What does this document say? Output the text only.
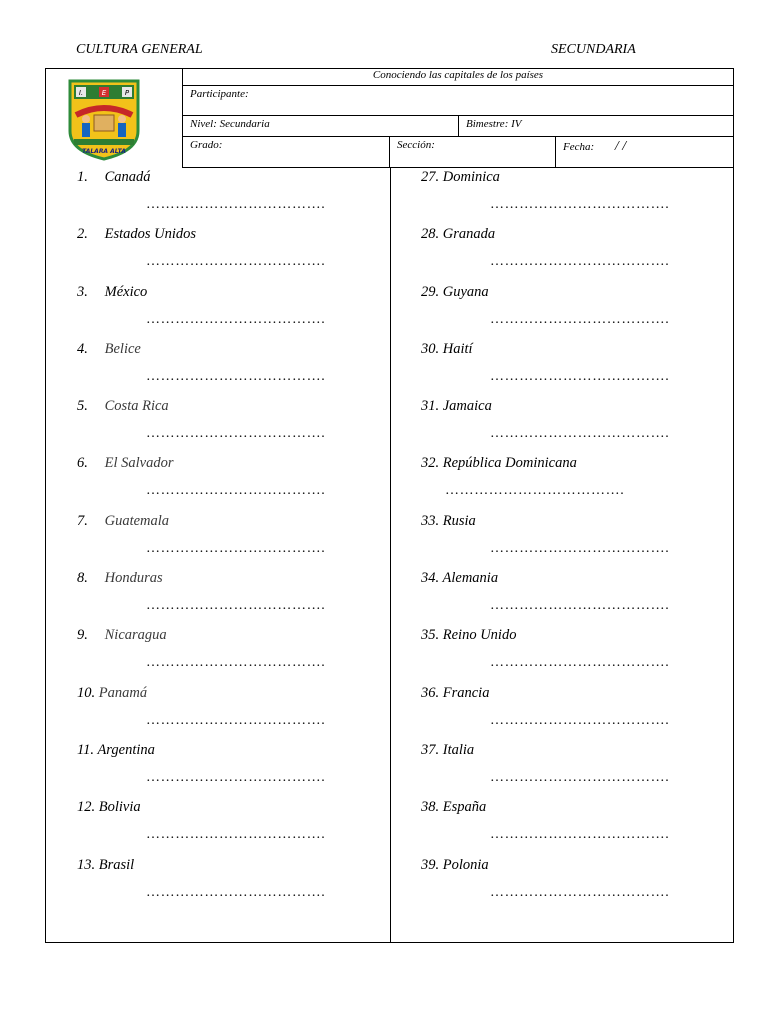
CULTURA GENERAL	SECUNDARIA
I.	E	P
TALARA ALTA
Conociendo las capitales de los países
Participante:
Nivel: Secundaria	Bimestre: IV
Grado:	Sección:	Fecha: / /
1. Canadá
……………………………….
2. Estados Unidos
……………………………….
3. México
……………………………….
4. Belice
……………………………….
5. Costa Rica
……………………………….
6. El Salvador
……………………………….
7. Guatemala
……………………………….
8. Honduras
……………………………….
9. Nicaragua
……………………………….
10. Panamá
……………………………….
11. Argentina
……………………………….
12. Bolivia
……………………………….
13. Brasil
……………………………….
27. Dominica
……………………………….
28. Granada
……………………………….
29. Guyana
……………………………….
30. Haití
……………………………….
31. Jamaica
……………………………….
32. República Dominicana
……………………………….
33. Rusia
……………………………….
34. Alemania
……………………………….
35. Reino Unido
……………………………….
36. Francia
……………………………….
37. Italia
……………………………….
38. España
……………………………….
39. Polonia
……………………………….
